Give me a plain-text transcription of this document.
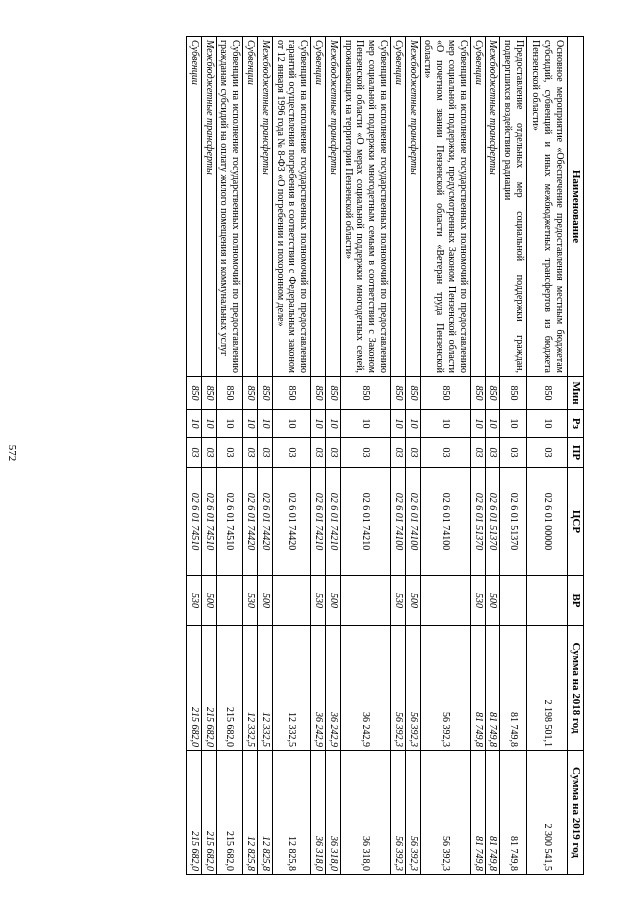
572
Наименование	Мин	Рз	ПР	ЦСР	ВР	Сумма на 2018 год	Сумма на 2019 год
Основное мероприятие «Обеспечение предоставления местным бюджетам субсидий, субвенций и иных межбюджетных трансфертов из бюджета Пензенской области»	850	10	03	02 6 01 00000		2 198 501,1	2 300 541,5
Предоставление отдельных мер социальной поддержки граждан, подвергшихся воздействию радиации	850	10	03	02 6 01 51370		81 749,8	81 749,8
Межбюджетные трансферты	850	10	03	02 6 01 51370	500	81 749,8	81 749,8
Субвенции	850	10	03	02 6 01 51370	530	81 749,8	81 749,8
Субвенции на исполнение государственных полномочий по предоставлению мер социальной поддержки, предусмотренных Законом Пензенской области «О почетном звании Пензенской области «Ветеран труда Пензенской области»	850	10	03	02 6 01 74100		56 392,3	56 392,3
Межбюджетные трансферты	850	10	03	02 6 01 74100	500	56 392,3	56 392,3
Субвенции	850	10	03	02 6 01 74100	530	56 392,3	56 392,3
Субвенции на исполнение государственных полномочий по предоставлению мер социальной поддержки многодетным семьям в соответствии с Законом Пензенской области «О мерах социальной поддержки многодетных семей, проживающих на территории Пензенской области»	850	10	03	02 6 01 74210		36 242,9	36 318,0
Межбюджетные трансферты	850	10	03	02 6 01 74210	500	36 242,9	36 318,0
Субвенции	850	10	03	02 6 01 74210	530	36 242,9	36 318,0
Субвенции на исполнение государственных полномочий по предоставлению гарантий осуществления погребения в соответствии с Федеральным законом от 12 января 1996 года № 8-ФЗ «О погребении и похоронном деле»	850	10	03	02 6 01 74420		12 332,5	12 825,8
Межбюджетные трансферты	850	10	03	02 6 01 74420	500	12 332,5	12 825,8
Субвенции	850	10	03	02 6 01 74420	530	12 332,5	12 825,8
Субвенции на исполнение государственных полномочий по предоставлению гражданам субсидий на оплату жилого помещения и коммунальных услуг	850	10	03	02 6 01 74510		215 682,0	215 682,0
Межбюджетные трансферты	850	10	03	02 6 01 74510	500	215 682,0	215 682,0
Субвенции	850	10	03	02 6 01 74510	530	215 682,0	215 682,0
